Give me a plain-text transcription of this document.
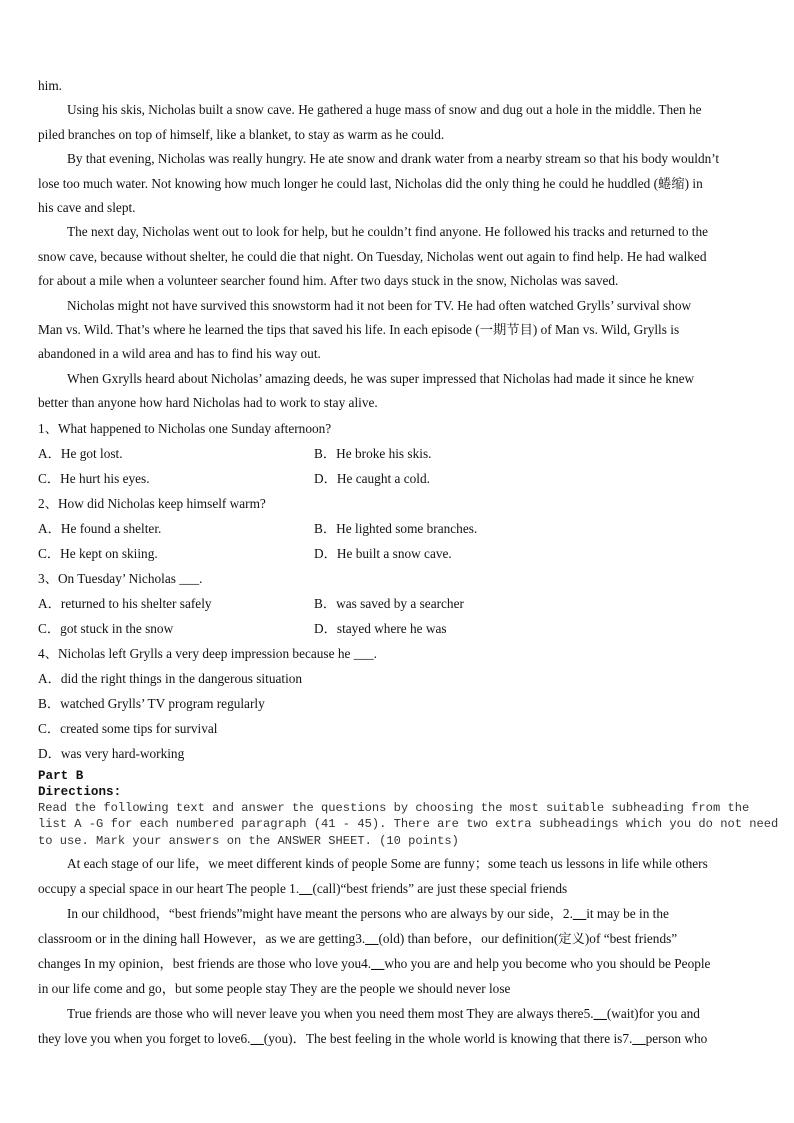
him.

Using his skis, Nicholas built a snow cave. He gathered a huge mass of snow and dug out a hole in the middle. Then he

piled branches on top of himself, like a blanket, to stay as warm as he could.

By that evening, Nicholas was really hungry. He ate snow and drank water from a nearby stream so that his body wouldn’t

lose too much water. Not knowing how much longer he could last, Nicholas did the only thing he could he huddled (蜷缩) in

his cave and slept.

The next day, Nicholas went out to look for help, but he couldn’t find anyone. He followed his tracks and returned to the

snow cave, because without shelter, he could die that night. On Tuesday, Nicholas went out again to find help. He had walked

for about a mile when a volunteer searcher found him. After two days stuck in the snow, Nicholas was saved.

Nicholas might not have survived this snowstorm had it not been for TV. He had often watched Grylls’ survival show

Man vs. Wild. That’s where he learned the tips that saved his life. In each episode (一期节目) of Man vs. Wild, Grylls is

abandoned in a wild area and has to find his way out.

When Gxrylls heard about Nicholas’ amazing deeds, he was super impressed that Nicholas had made it since he knew

better than anyone how hard Nicholas had to work to stay alive.

1、What happened to Nicholas one Sunday afternoon?
A．He got lost.	B．He broke his skis.
C．He hurt his eyes.	D．He caught a cold.
2、How did Nicholas keep himself warm?
A．He found a shelter.	B．He lighted some branches.
C．He kept on skiing.	D．He built a snow cave.
3、On Tuesday’ Nicholas ___.
A．returned to his shelter safely	B．was saved by a searcher
C．got stuck in the snow	D．stayed where he was
4、Nicholas left Grylls a very deep impression because he ___.
A．did the right things in the dangerous situation
B．watched Grylls’ TV program regularly
C．created some tips for survival
D．was very hard-working
Part B
Directions:
Read the following text and answer the questions by choosing the most suitable subheading from the
list A -G for each numbered paragraph (41 - 45). There are two extra subheadings which you do not need
to use. Mark your answers on the ANSWER SHEET. (10 points)
At each stage of our life，we meet different kinds of people Some are funny；some teach us lessons in life while others
occupy a special space in our heart The people 1.__(call)“best friends” are just these special friends
In our childhood，“best friends”might have meant the persons who are always by our side，2.__it may be in the
classroom or in the dining hall However，as we are getting3.__(old) than before，our definition(定义)of “best friends”
changes In my opinion，best friends are those who love you4.__who you are and help you become who you should be People
in our life come and go，but some people stay They are the people we should never lose
True friends are those who will never leave you when you need them most They are always there5.__(wait)for you and
they love you when you forget to love6.__(you)．The best feeling in the whole world is knowing that there is7.__person who
